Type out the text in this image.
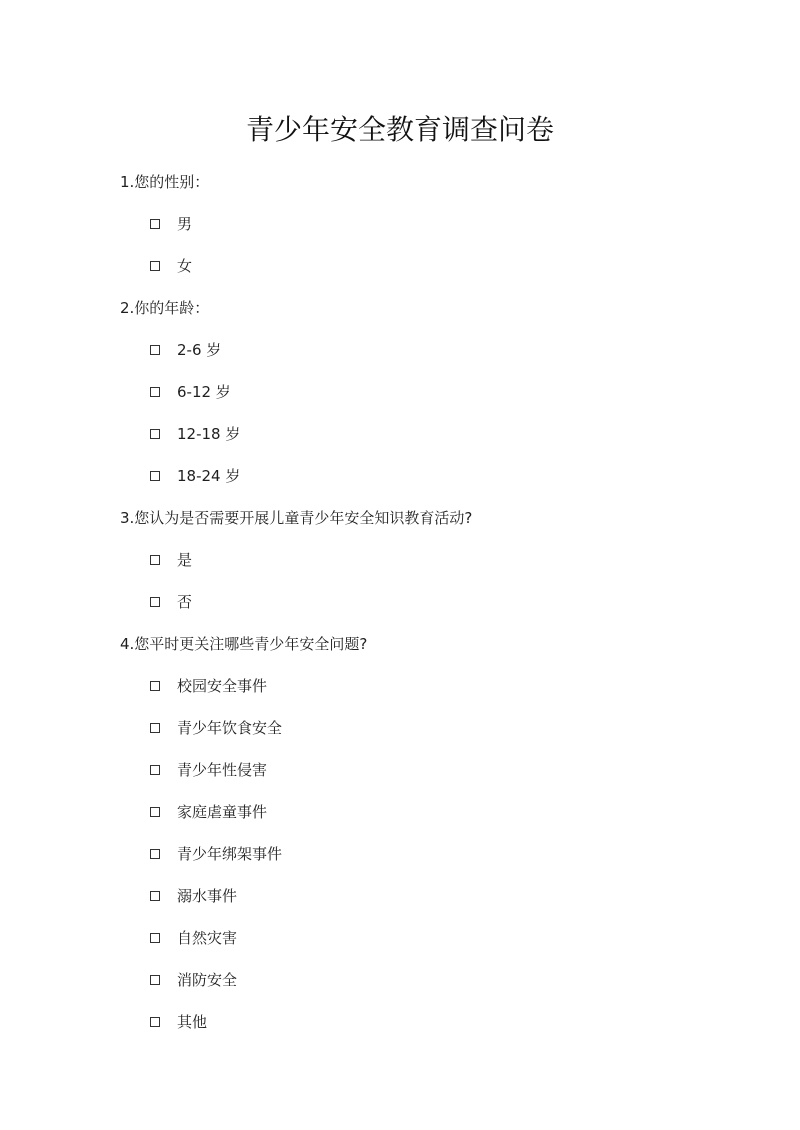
青少年安全教育调查问卷
1.您的性别：
男
女
2.你的年龄：
2-6 岁
6-12 岁
12-18 岁
18-24 岁
3.您认为是否需要开展儿童青少年安全知识教育活动?
是
否
4.您平时更关注哪些青少年安全问题?
校园安全事件
青少年饮食安全
青少年性侵害
家庭虐童事件
青少年绑架事件
溺水事件
自然灾害
消防安全
其他
